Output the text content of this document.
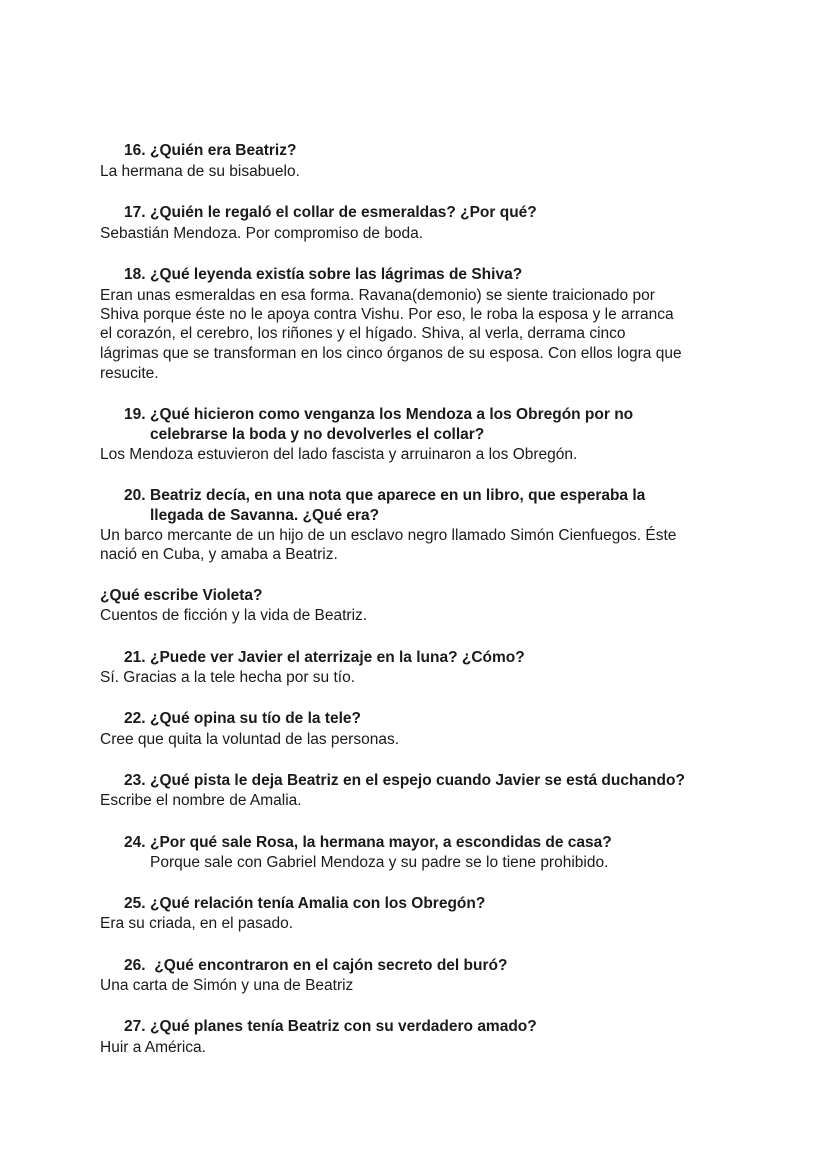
16. ¿Quién era Beatriz?

La hermana de su bisabuelo.

17. ¿Quién le regaló el collar de esmeraldas? ¿Por qué?

Sebastián Mendoza. Por compromiso de boda.

18. ¿Qué leyenda existía sobre las lágrimas de Shiva?

Eran unas esmeraldas en esa forma. Ravana(demonio) se siente traicionado por

Shiva porque éste no le apoya contra Vishu. Por eso, le roba la esposa y le arranca

el corazón, el cerebro, los riñones y el hígado. Shiva, al verla, derrama cinco

lágrimas que se transforman en los cinco órganos de su esposa. Con ellos logra que

resucite.

19. ¿Qué hicieron como venganza los Mendoza a los Obregón por no

celebrarse la boda y no devolverles el collar?

Los Mendoza estuvieron del lado fascista y arruinaron a los Obregón.

20. Beatriz decía, en una nota que aparece en un libro, que esperaba la

llegada de Savanna. ¿Qué era?

Un barco mercante de un hijo de un esclavo negro llamado Simón Cienfuegos. Éste

nació en Cuba, y amaba a Beatriz.

¿Qué escribe Violeta?

Cuentos de ficción y la vida de Beatriz.

21. ¿Puede ver Javier el aterrizaje en la luna? ¿Cómo?

Sí. Gracias a la tele hecha por su tío.

22. ¿Qué opina su tío de la tele?

Cree que quita la voluntad de las personas.

23. ¿Qué pista le deja Beatriz en el espejo cuando Javier se está duchando?

Escribe el nombre de Amalia.

24. ¿Por qué sale Rosa, la hermana mayor, a escondidas de casa?

Porque sale con Gabriel Mendoza y su padre se lo tiene prohibido.

25. ¿Qué relación tenía Amalia con los Obregón?

Era su criada, en el pasado.

26. ¿Qué encontraron en el cajón secreto del buró?

Una carta de Simón y una de Beatriz

27. ¿Qué planes tenía Beatriz con su verdadero amado?

Huir a América.
